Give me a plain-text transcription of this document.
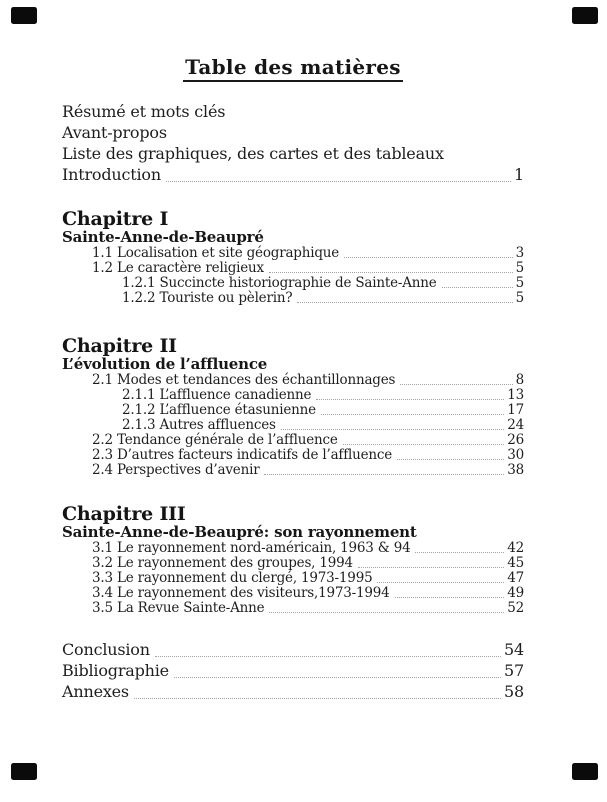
Table des matières
Résumé et mots clés
Avant-propos
Liste des graphiques, des cartes et des tableaux
Introduction	1
Chapitre I
Sainte-Anne-de-Beaupré
1.1 Localisation et site géographique	3
1.2 Le caractère religieux	5
1.2.1 Succincte historiographie de Sainte-Anne	5
1.2.2 Touriste ou pèlerin?	5
Chapitre II
L’évolution de l’affluence
2.1 Modes et tendances des échantillonnages	8
2.1.1 L’affluence canadienne	13
2.1.2 L’affluence étasunienne	17
2.1.3 Autres affluences	24
2.2 Tendance générale de l’affluence	26
2.3 D’autres facteurs indicatifs de l’affluence	30
2.4 Perspectives d’avenir	38
Chapitre III
Sainte-Anne-de-Beaupré: son rayonnement
3.1 Le rayonnement nord-américain, 1963 & 94	42
3.2 Le rayonnement des groupes, 1994	45
3.3 Le rayonnement du clergé, 1973-1995	47
3.4 Le rayonnement des visiteurs,1973-1994	49
3.5 La Revue Sainte-Anne	52
Conclusion	54
Bibliographie	57
Annexes	58
